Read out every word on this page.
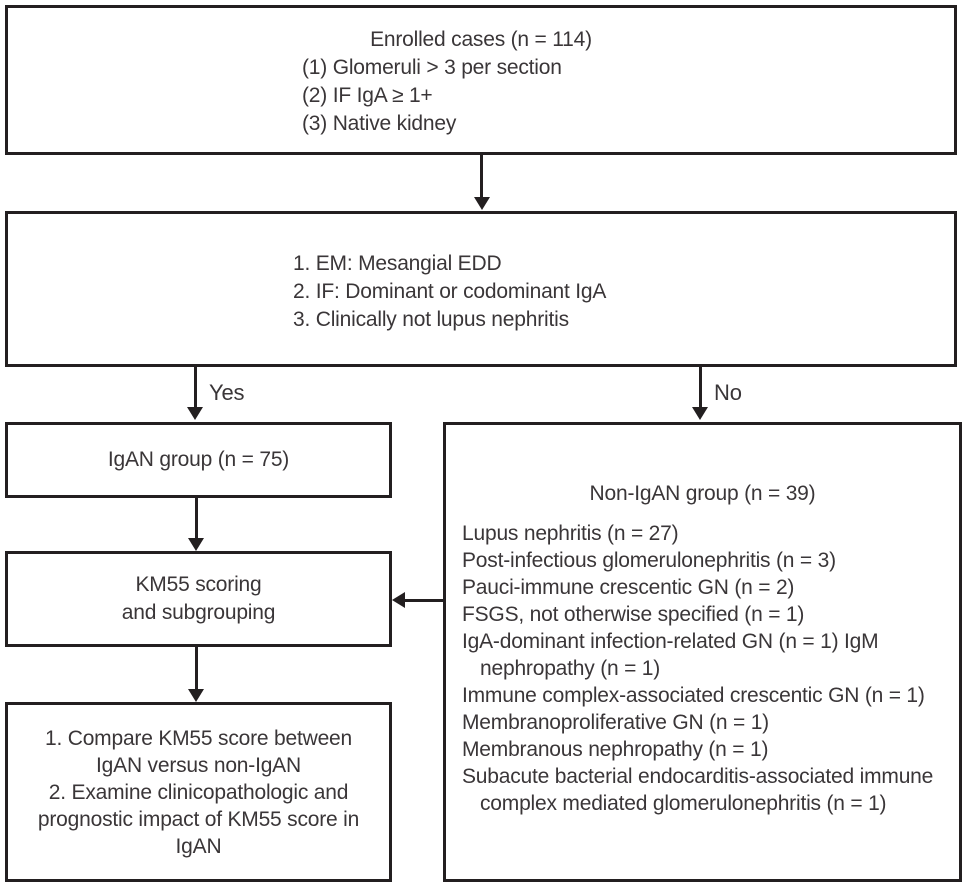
Enrolled cases (n = 114)
(1) Glomeruli > 3 per section
(2) IF IgA ≥ 1+
(3) Native kidney
1. EM: Mesangial EDD
2. IF: Dominant or codominant IgA
3. Clinically not lupus nephritis
Yes	No
IgAN group (n = 75)
KM55 scoring
and subgrouping
1. Compare KM55 score between
IgAN versus non-IgAN
2. Examine clinicopathologic and
prognostic impact of KM55 score in
IgAN
Non-IgAN group (n = 39)
Lupus nephritis (n = 27)
Post-infectious glomerulonephritis (n = 3)
Pauci-immune crescentic GN (n = 2)
FSGS, not otherwise specified (n = 1)
IgA-dominant infection-related GN (n = 1) IgM nephropathy (n = 1)
Immune complex-associated crescentic GN (n = 1)
Membranoproliferative GN (n = 1)
Membranous nephropathy (n = 1)
Subacute bacterial endocarditis-associated immune complex mediated glomerulonephritis (n = 1)
